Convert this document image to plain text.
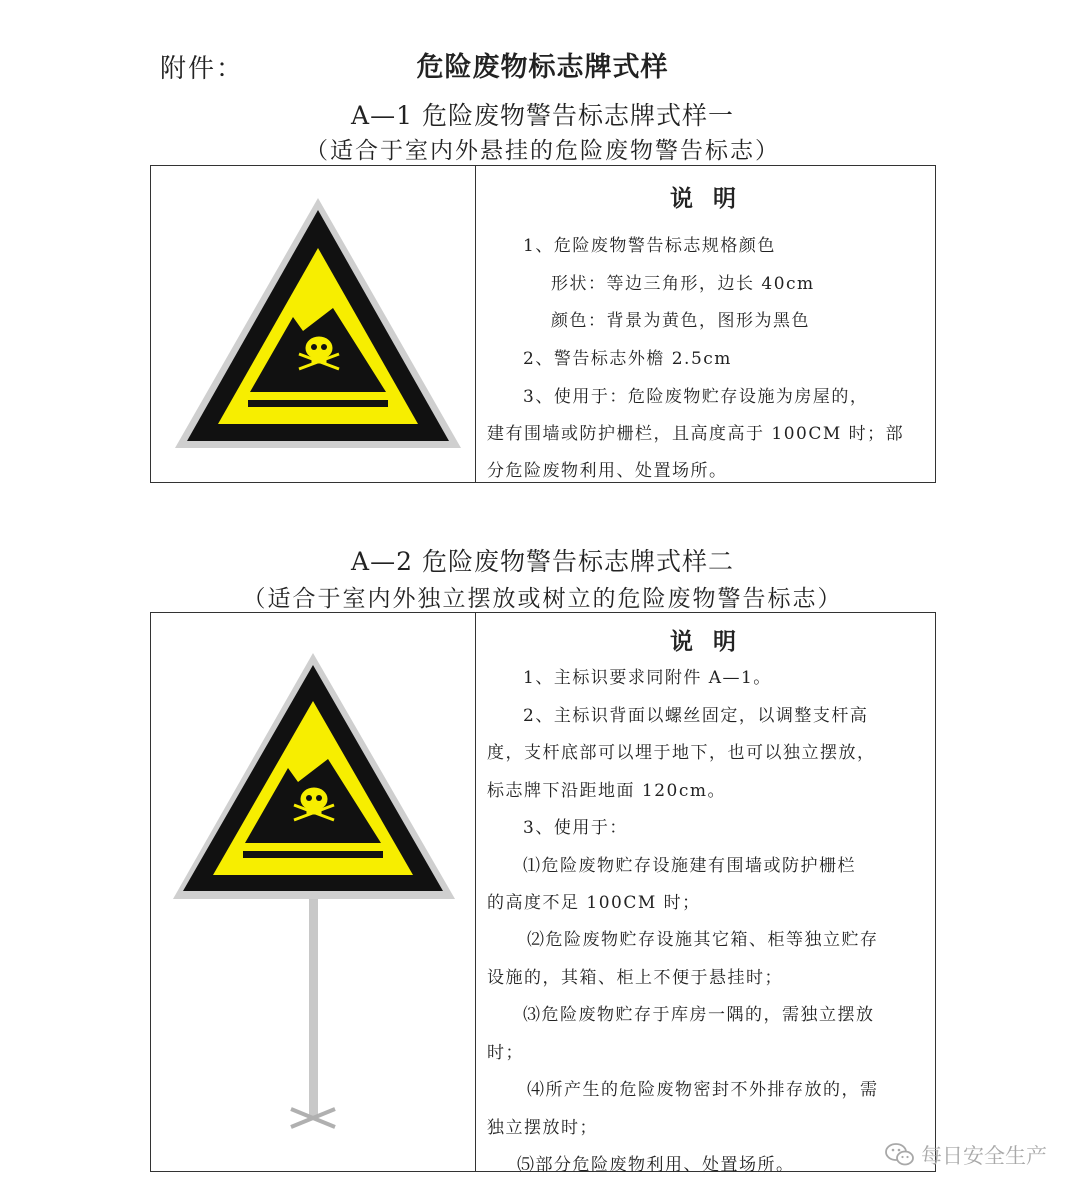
附件：	危险废物标志牌式样
A—1 危险废物警告标志牌式样一
（适合于室内外悬挂的危险废物警告标志）
说 明
1、危险废物警告标志规格颜色
形状：等边三角形，边长 40cm
颜色：背景为黄色，图形为黑色
2、警告标志外檐 2.5cm
3、使用于：危险废物贮存设施为房屋的，
建有围墙或防护栅栏，且高度高于 100CM 时；部
分危险废物利用、处置场所。
A—2 危险废物警告标志牌式样二
（适合于室内外独立摆放或树立的危险废物警告标志）
说 明
1、主标识要求同附件 A—1。
2、主标识背面以螺丝固定，以调整支杆高
度，支杆底部可以埋于地下，也可以独立摆放，
标志牌下沿距地面 120cm。
3、使用于：
⑴危险废物贮存设施建有围墙或防护栅栏
的高度不足 100CM 时；
⑵危险废物贮存设施其它箱、柜等独立贮存
设施的，其箱、柜上不便于悬挂时；
⑶危险废物贮存于库房一隅的，需独立摆放
时；
⑷所产生的危险废物密封不外排存放的，需
独立摆放时；
⑸部分危险废物利用、处置场所。	每日安全生产
